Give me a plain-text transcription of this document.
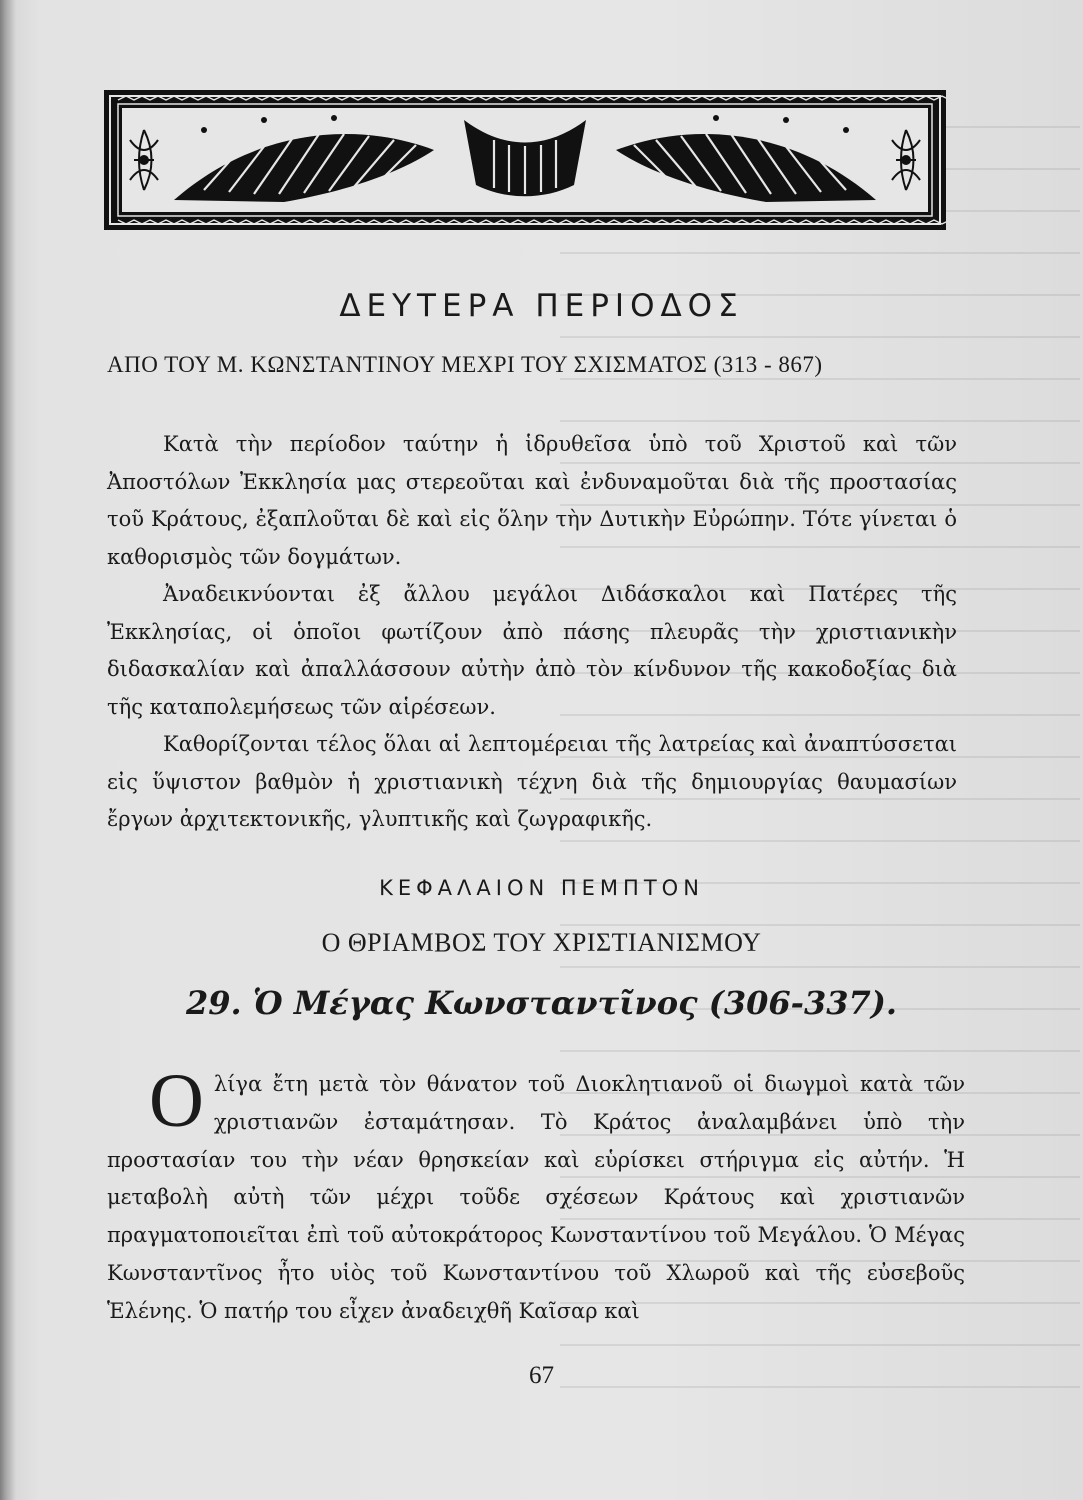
ΔΕΥΤΕΡΑ ΠΕΡΙΟΔΟΣ
ΑΠΟ ΤΟΥ Μ. ΚΩΝΣΤΑΝΤΙΝΟΥ ΜΕΧΡΙ ΤΟΥ ΣΧΙΣΜΑΤΟΣ (313 - 867)

Κατὰ τὴν περίοδον ταύτην ἡ ἱδρυθεῖσα ὑπὸ τοῦ Χριστοῦ καὶ τῶν Ἀποστόλων Ἐκκλησία μας στερεοῦται καὶ ἐνδυναμοῦται διὰ τῆς προστασίας τοῦ Κράτους, ἐξαπλοῦται δὲ καὶ εἰς ὅλην τὴν Δυτικὴν Εὐρώπην. Τότε γίνεται ὁ καθορισμὸς τῶν δογμάτων.

Ἀναδεικνύονται ἐξ ἄλλου μεγάλοι Διδάσκαλοι καὶ Πατέρες τῆς Ἐκκλησίας, οἱ ὁποῖοι φωτίζουν ἀπὸ πάσης πλευρᾶς τὴν χριστιανικὴν διδασκαλίαν καὶ ἀπαλλάσσουν αὐτὴν ἀπὸ τὸν κίνδυνον τῆς κακοδοξίας διὰ τῆς καταπολεμήσεως τῶν αἱρέσεων.

Καθορίζονται τέλος ὅλαι αἱ λεπτομέρειαι τῆς λατρείας καὶ ἀναπτύσσεται εἰς ὕψιστον βαθμὸν ἡ χριστιανικὴ τέχνη διὰ τῆς δημιουργίας θαυμασίων ἔργων ἀρχιτεκτονικῆς, γλυπτικῆς καὶ ζωγραφικῆς.

ΚΕΦΑΛΑΙΟΝ ΠΕΜΠΤΟΝ
Ο ΘΡΙΑΜΒΟΣ ΤΟΥ ΧΡΙΣΤΙΑΝΙΣΜΟΥ
29. Ὁ Μέγας Κωνσταντῖνος (306-337).
Ο λίγα ἔτη μετὰ τὸν θάνατον τοῦ Διοκλητιανοῦ οἱ διωγμοὶ κατὰ τῶν χριστιανῶν ἐσταμάτησαν. Τὸ Κράτος ἀναλαμβάνει ὑπὸ τὴν προστασίαν του τὴν νέαν θρησκείαν καὶ εὑρίσκει στήριγμα εἰς αὐτήν. Ἡ μεταβολὴ αὐτὴ τῶν μέχρι τοῦδε σχέσεων Κράτους καὶ χριστιανῶν πραγματοποιεῖται ἐπὶ τοῦ αὐτοκράτορος Κωνσταντίνου τοῦ Μεγάλου. Ὁ Μέγας Κωνσταντῖνος ἦτο υἱὸς τοῦ Κωνσταντίνου τοῦ Χλωροῦ καὶ τῆς εὐσεβοῦς Ἑλένης. Ὁ πατήρ του εἶχεν ἀναδειχθῆ Καῖσαρ καὶ
67
